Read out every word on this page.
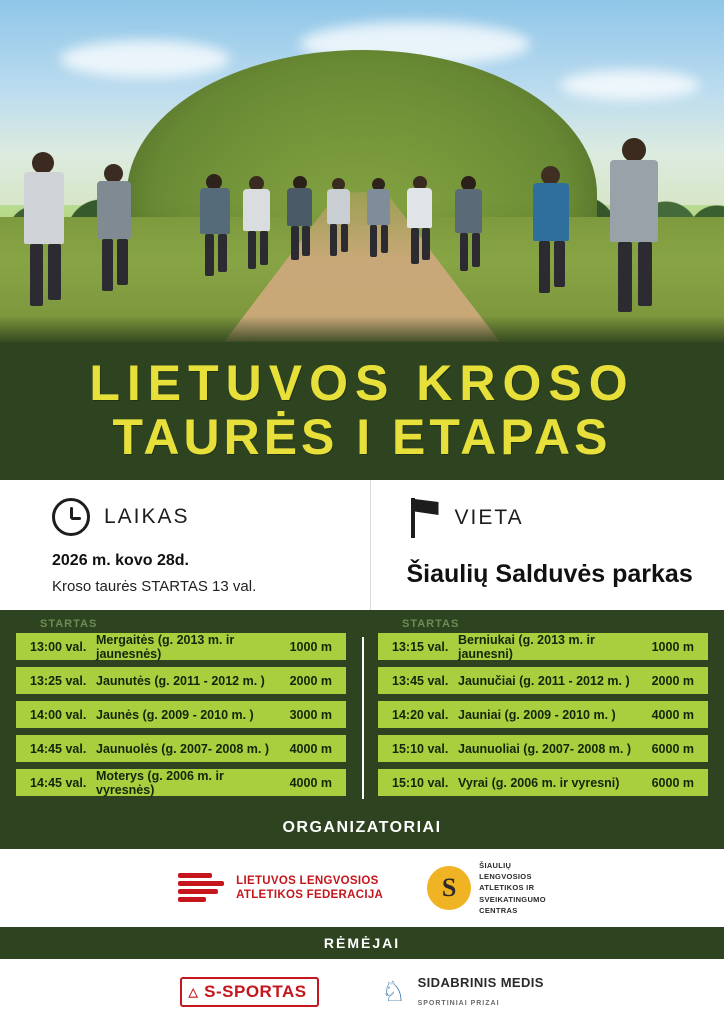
LIETUVOS KROSO
TAURĖS I ETAPAS
LAIKAS
2026 m. kovo 28d.
Kroso taurės STARTAS 13 val.
VIETA
Šiaulių Salduvės parkas
STARTAS	STARTAS
13:00 val. Mergaitės (g. 2013 m. ir jaunesnės)	1000 m
13:25 val. Jaunutės (g. 2011 - 2012 m. )	2000 m
14:00 val. Jaunės (g. 2009 - 2010 m. )	3000 m
14:45 val. Jaunuolės (g. 2007- 2008 m. )	4000 m
14:45 val. Moterys (g. 2006 m. ir vyresnės)	4000 m
13:15 val. Berniukai (g. 2013 m. ir jaunesni)	1000 m
13:45 val. Jaunučiai (g. 2011 - 2012 m. )	2000 m
14:20 val. Jauniai (g. 2009 - 2010 m. )	4000 m
15:10 val. Jaunuoliai (g. 2007- 2008 m. )	6000 m
15:10 val. Vyrai (g. 2006 m. ir vyresni)	6000 m
ORGANIZATORIAI
LIETUVOS LENGVOSIOS
ATLETIKOS FEDERACIJA
S
ŠIAULIŲ
LENGVOSIOS
ATLETIKOS IR
SVEIKATINGUMO
CENTRAS
RĖMĖJAI
▵ S-SPORTAS	♘ SIDABRINIS MEDIS
SPORTINIAI PRIZAI
